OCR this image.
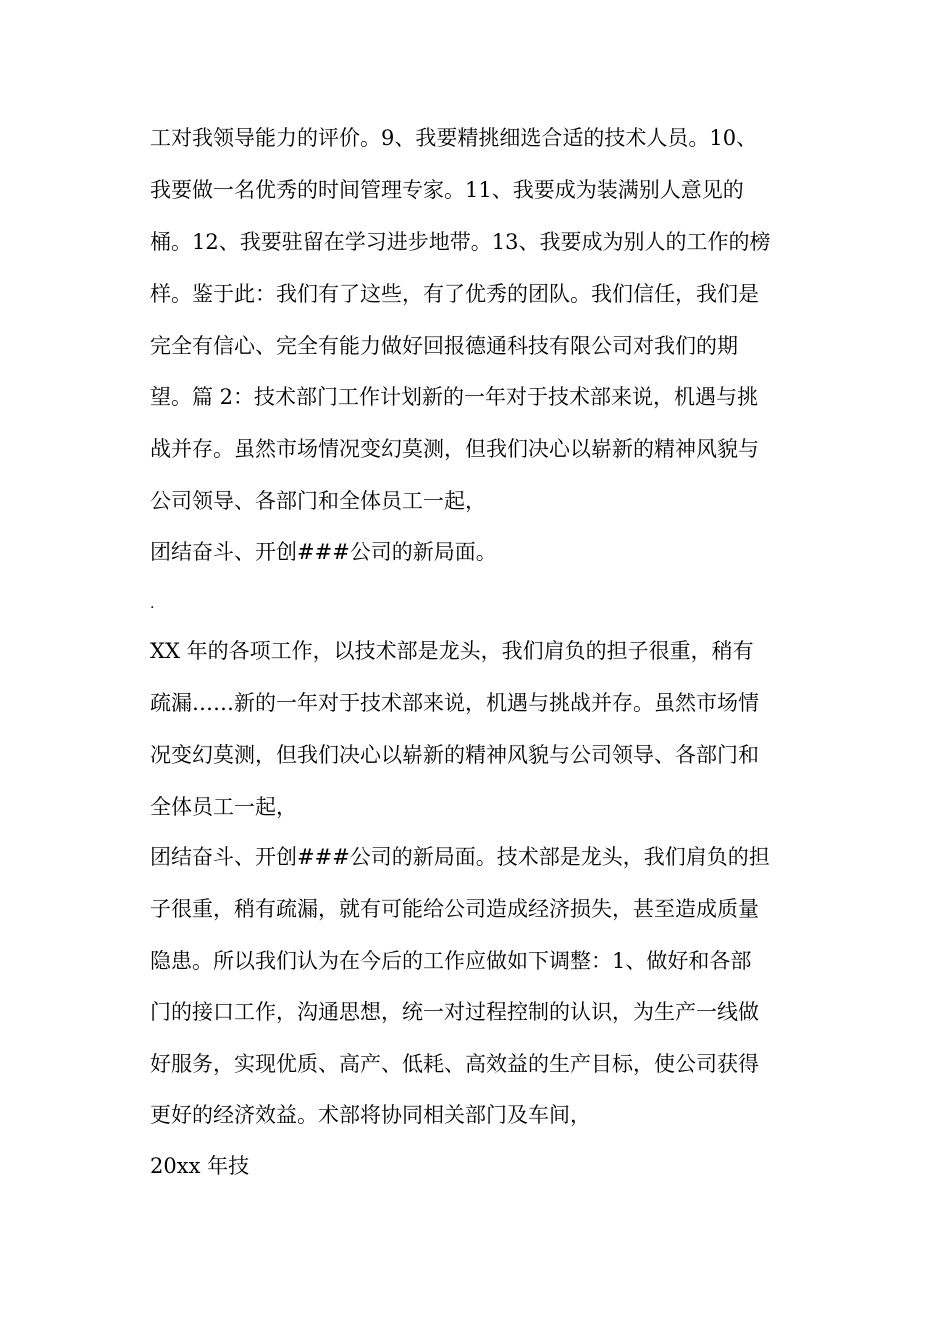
工对我领导能力的评价。9、我要精挑细选合适的技术人员。10、
我要做一名优秀的时间管理专家。11、我要成为装满别人意见的
桶。12、我要驻留在学习进步地带。13、我要成为别人的工作的榜
样。鉴于此：我们有了这些，有了优秀的团队。我们信任，我们是
完全有信心、完全有能力做好回报德通科技有限公司对我们的期
望。篇 2：技术部门工作计划新的一年对于技术部来说，机遇与挑
战并存。虽然市场情况变幻莫测，但我们决心以崭新的精神风貌与
公司领导、各部门和全体员工一起，
团结奋斗、开创###公司的新局面。
.
XX 年的各项工作，以技术部是龙头，我们肩负的担子很重，稍有
疏漏……新的一年对于技术部来说，机遇与挑战并存。虽然市场情
况变幻莫测，但我们决心以崭新的精神风貌与公司领导、各部门和
全体员工一起，
团结奋斗、开创###公司的新局面。技术部是龙头，我们肩负的担
子很重，稍有疏漏，就有可能给公司造成经济损失，甚至造成质量
隐患。所以我们认为在今后的工作应做如下调整：1、做好和各部
门的接口工作，沟通思想，统一对过程控制的认识，为生产一线做
好服务，实现优质、高产、低耗、高效益的生产目标，使公司获得
更好的经济效益。术部将协同相关部门及车间，
20xx 年技
